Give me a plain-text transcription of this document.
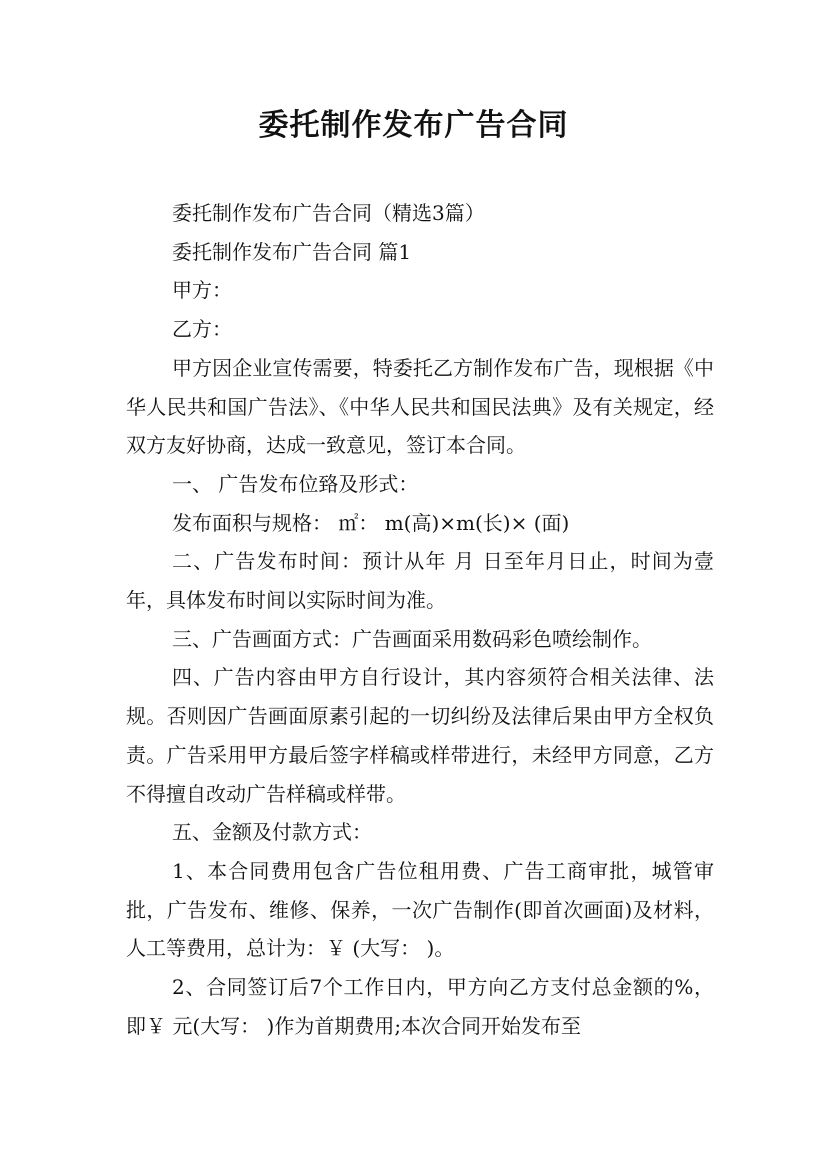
委托制作发布广告合同

委托制作发布广告合同（精选3篇）

委托制作发布广告合同 篇1

甲方：

乙方：

甲方因企业宣传需要，特委托乙方制作发布广告，现根据《中华人民共和国广告法》、《中华人民共和国民法典》及有关规定，经双方友好协商，达成一致意见，签订本合同。

一、 广告发布位臵及形式：

发布面积与规格： ㎡： m(高)×m(长)× (面)

二、广告发布时间：预计从年 月 日至年月日止，时间为壹年，具体发布时间以实际时间为准。

三、广告画面方式：广告画面采用数码彩色喷绘制作。

四、广告内容由甲方自行设计，其内容须符合相关法律、法规。否则因广告画面原素引起的一切纠纷及法律后果由甲方全权负责。广告采用甲方最后签字样稿或样带进行，未经甲方同意，乙方不得擅自改动广告样稿或样带。

五、金额及付款方式：

1、本合同费用包含广告位租用费、广告工商审批，城管审批，广告发布、维修、保养，一次广告制作(即首次画面)及材料，人工等费用，总计为：￥ (大写： )。

2、合同签订后7个工作日内，甲方向乙方支付总金额的%，即￥ 元(大写： )作为首期费用;本次合同开始发布至
